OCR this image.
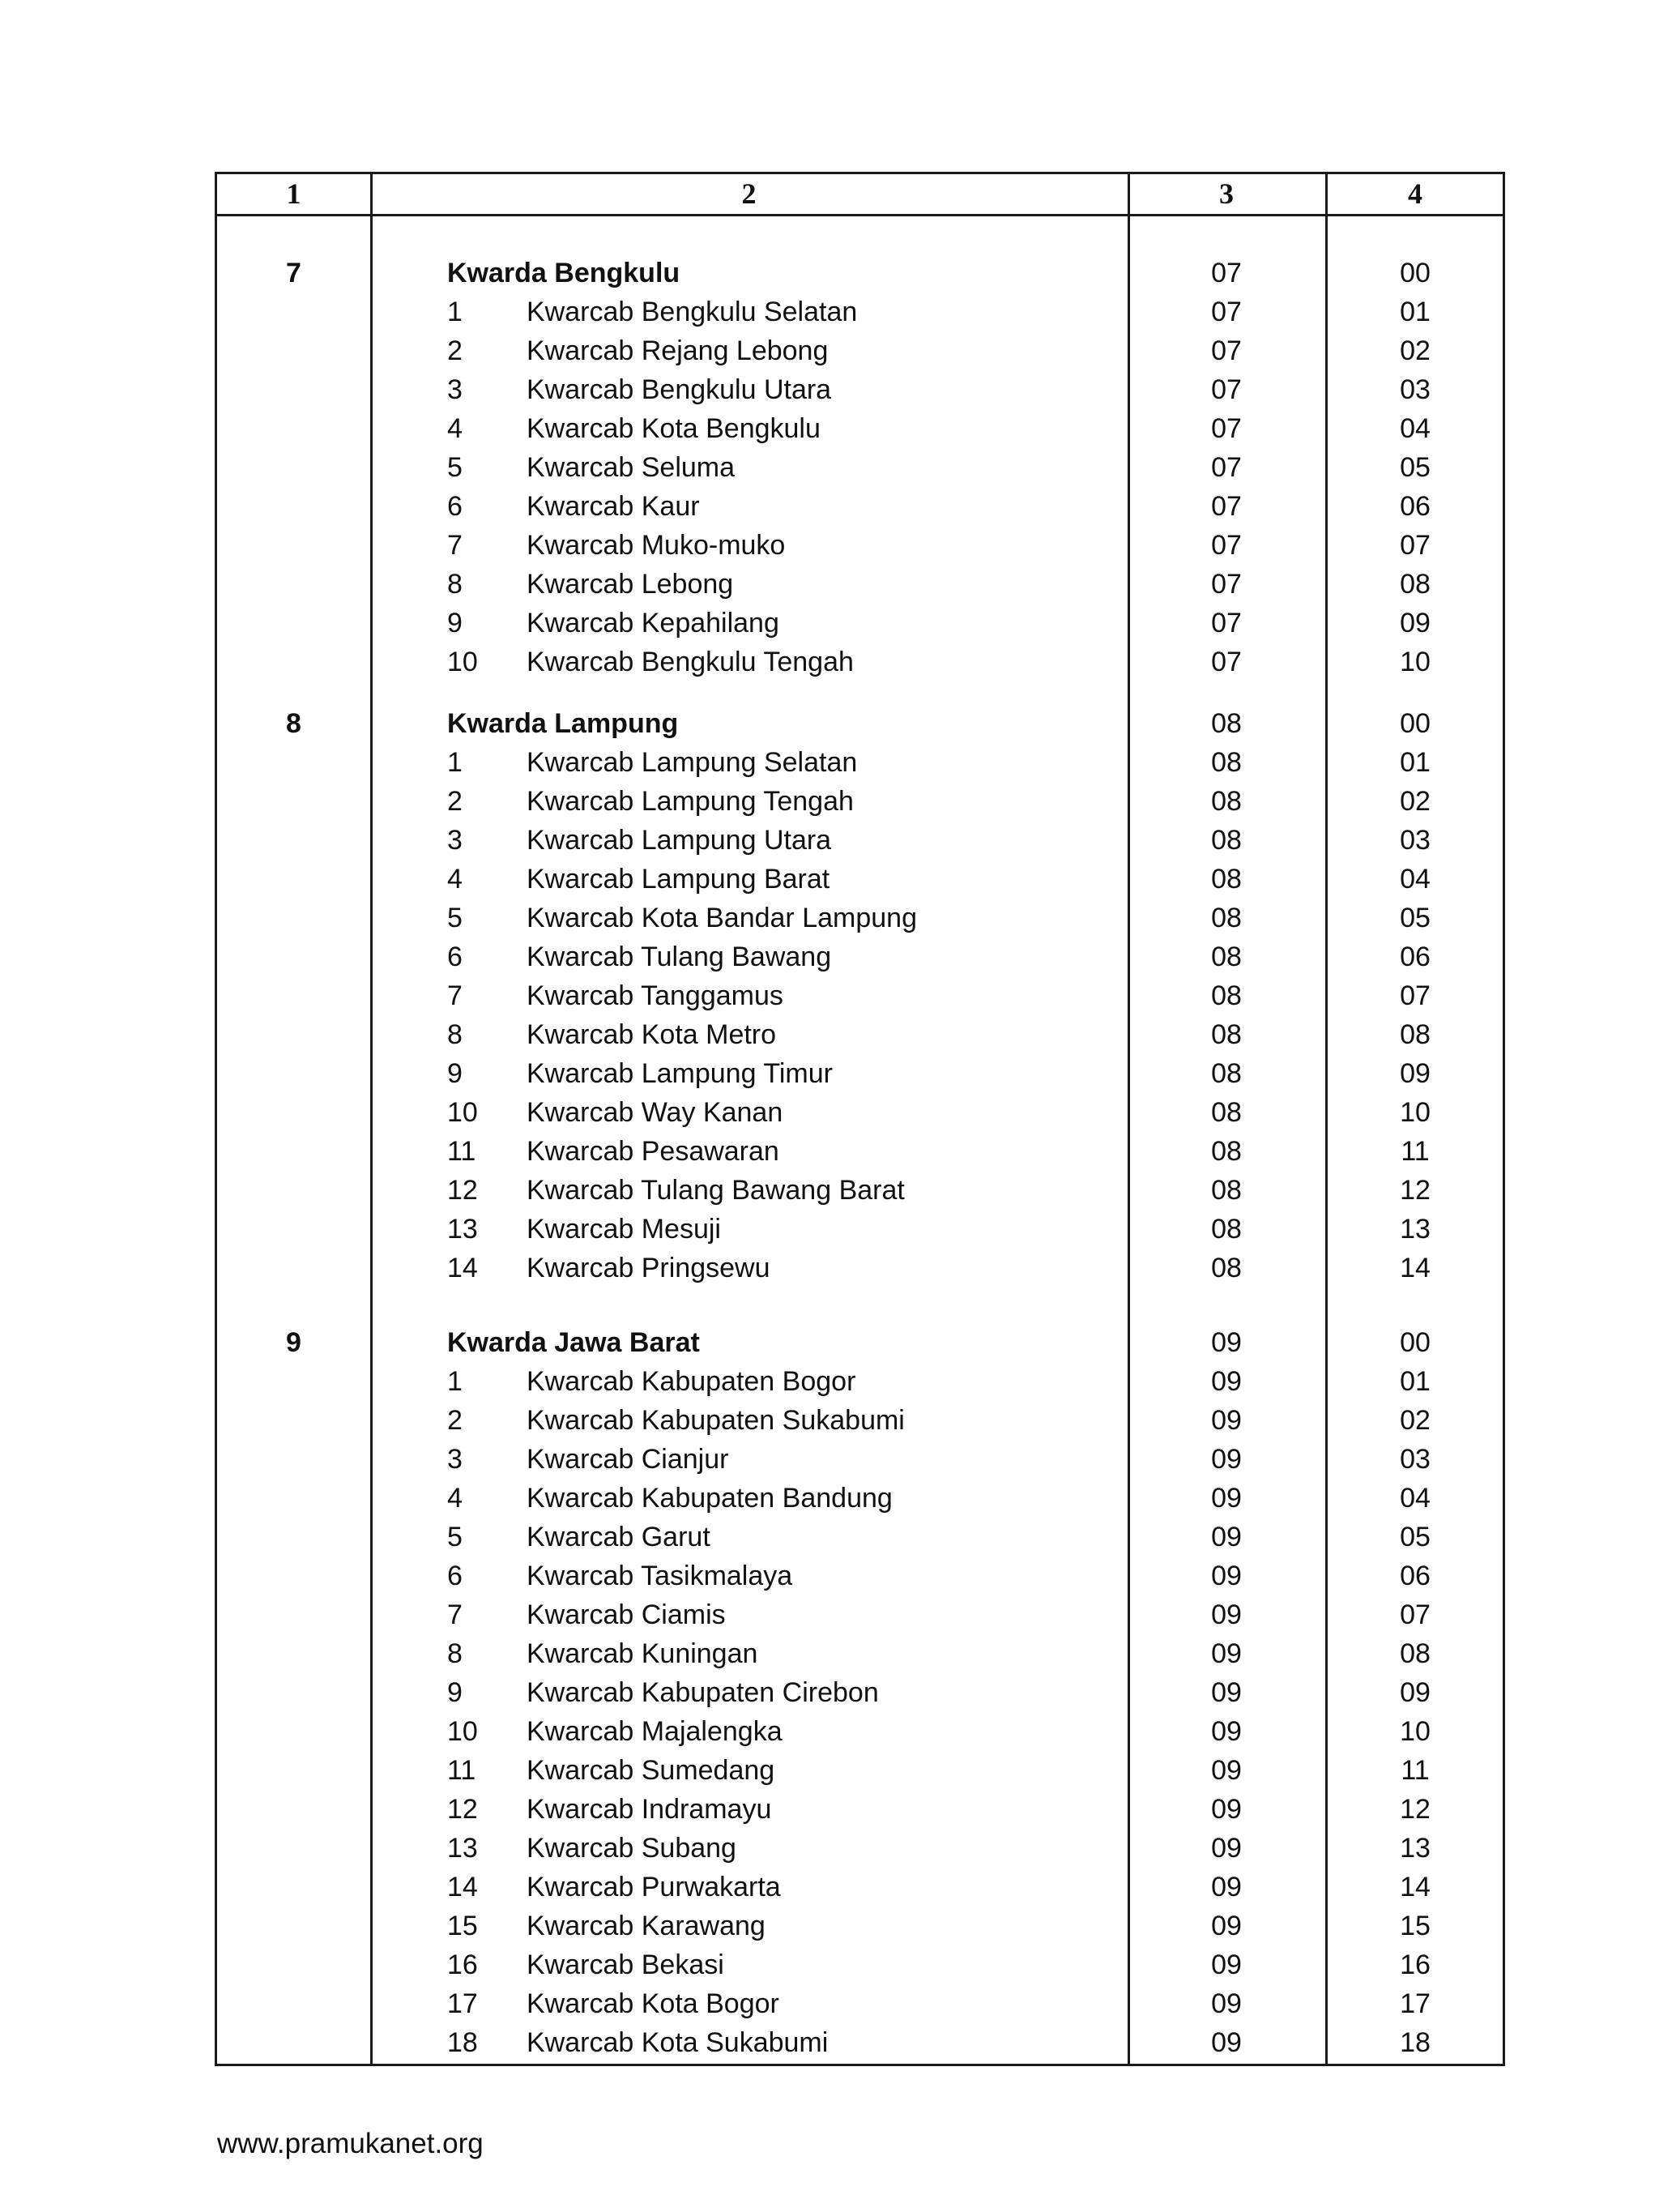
1	2	3	4
7	Kwarda Bengkulu	07	00
1 Kwarcab Bengkulu Selatan	07	01
2 Kwarcab Rejang Lebong	07	02
3 Kwarcab Bengkulu Utara	07	03
4 Kwarcab Kota Bengkulu	07	04
5 Kwarcab Seluma	07	05
6 Kwarcab Kaur	07	06
7 Kwarcab Muko-muko	07	07
8 Kwarcab Lebong	07	08
9 Kwarcab Kepahilang	07	09
10 Kwarcab Bengkulu Tengah	07	10
8	Kwarda Lampung	08	00
1 Kwarcab Lampung Selatan	08	01
2 Kwarcab Lampung Tengah	08	02
3 Kwarcab Lampung Utara	08	03
4 Kwarcab Lampung Barat	08	04
5 Kwarcab Kota Bandar Lampung	08	05
6 Kwarcab Tulang Bawang	08	06
7 Kwarcab Tanggamus	08	07
8 Kwarcab Kota Metro	08	08
9 Kwarcab Lampung Timur	08	09
10 Kwarcab Way Kanan	08	10
11 Kwarcab Pesawaran	08	11
12 Kwarcab Tulang Bawang Barat	08	12
13 Kwarcab Mesuji	08	13
14 Kwarcab Pringsewu	08	14
9	Kwarda Jawa Barat	09	00
1 Kwarcab Kabupaten Bogor	09	01
2 Kwarcab Kabupaten Sukabumi	09	02
3 Kwarcab Cianjur	09	03
4 Kwarcab Kabupaten Bandung	09	04
5 Kwarcab Garut	09	05
6 Kwarcab Tasikmalaya	09	06
7 Kwarcab Ciamis	09	07
8 Kwarcab Kuningan	09	08
9 Kwarcab Kabupaten Cirebon	09	09
10 Kwarcab Majalengka	09	10
11 Kwarcab Sumedang	09	11
12 Kwarcab Indramayu	09	12
13 Kwarcab Subang	09	13
14 Kwarcab Purwakarta	09	14
15 Kwarcab Karawang	09	15
16 Kwarcab Bekasi	09	16
17 Kwarcab Kota Bogor	09	17
18 Kwarcab Kota Sukabumi	09	18
www.pramukanet.org
